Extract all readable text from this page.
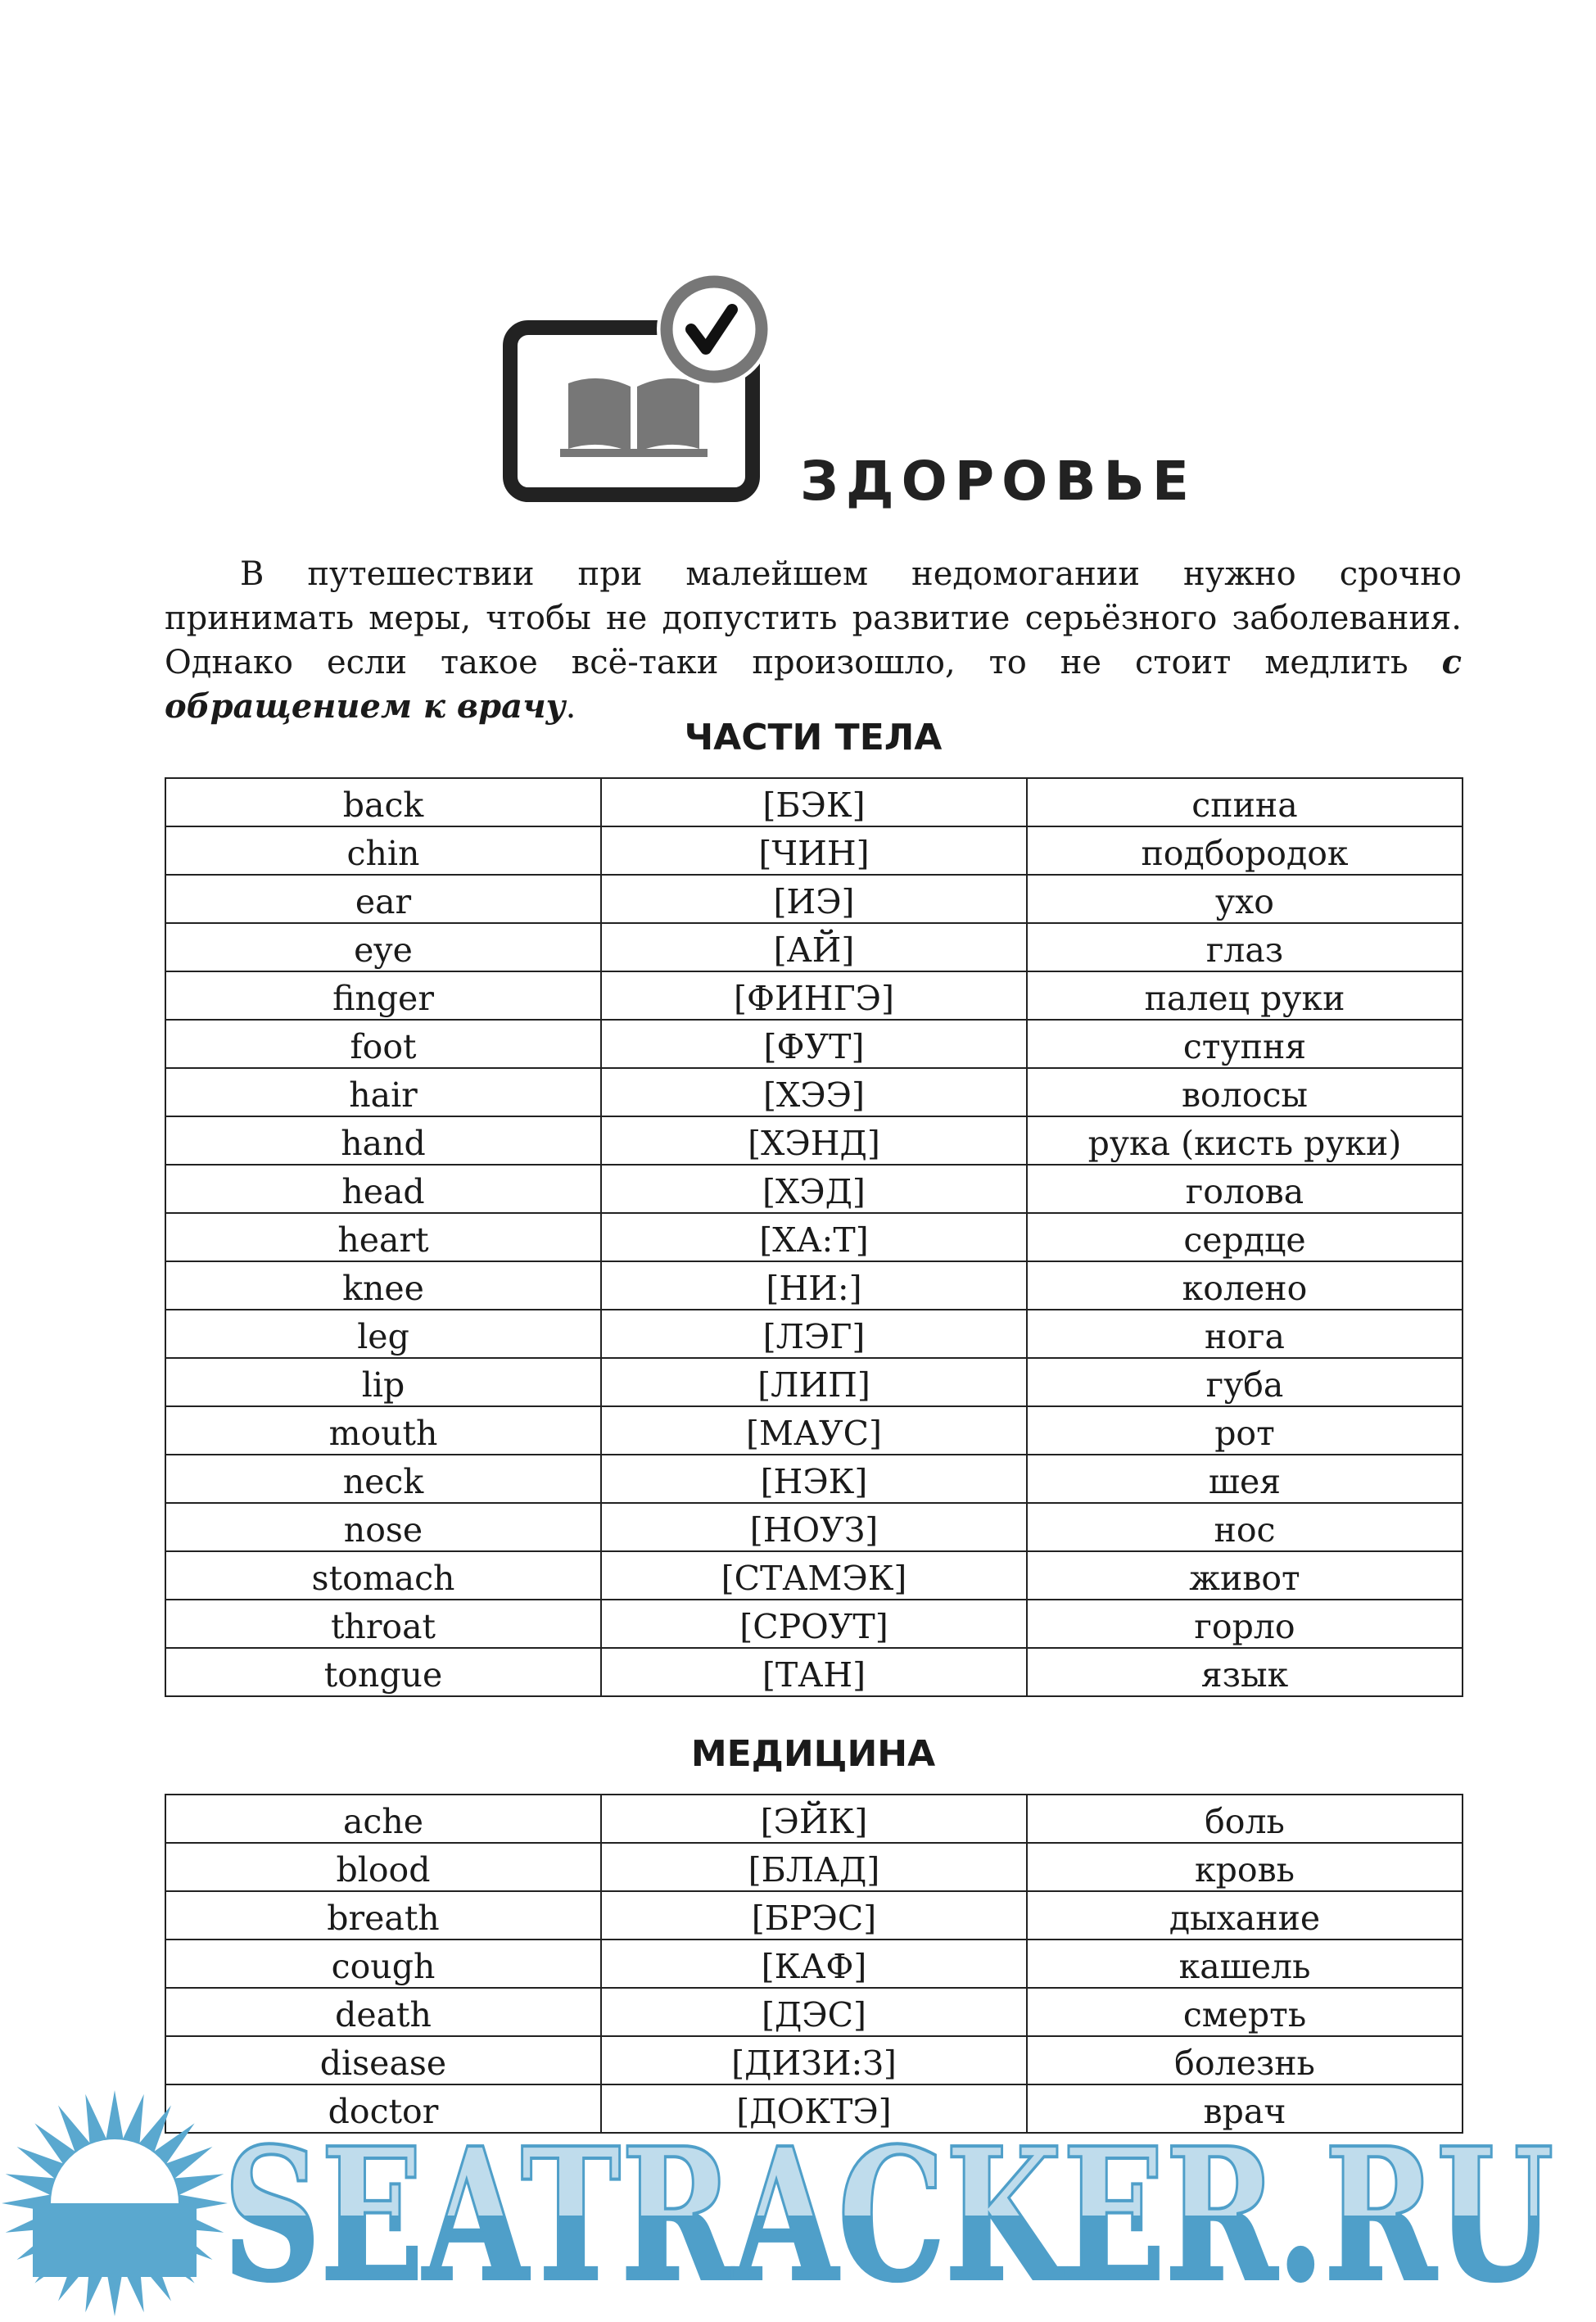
ЗДОРОВЬЕ

В путешествии при малейшем недомогании нужно срочно принимать меры, чтобы не допустить развитие серьёзного заболевания. Однако если такое всё-таки произошло, то не стоит медлить с обращением к врачу.

ЧАСТИ ТЕЛА
back	[БЭК]	спина
chin	[ЧИН]	подбородок
ear	[ИЭ]	ухо
eye	[АЙ]	глаз
finger	[ФИНГЭ]	палец руки
foot	[ФУТ]	ступня
hair	[ХЭЭ]	волосы
hand	[ХЭНД]	рука (кисть руки)
head	[ХЭД]	голова
heart	[ХА:Т]	сердце
knee	[НИ:]	колено
leg	[ЛЭГ]	нога
lip	[ЛИП]	губа
mouth	[МАУС]	рот
neck	[НЭК]	шея
nose	[НОУЗ]	нос
stomach	[СТАМЭК]	живот
throat	[СРОУТ]	горло
tongue	[ТАН]	язык
МЕДИЦИНА
ache	[ЭЙК]	боль
blood	[БЛАД]	кровь
breath	[БРЭС]	дыхание
cough	[КАФ]	кашель
death	[ДЭС]	смерть
disease	[ДИЗИ:З]	болезнь
doctor	[ДОКТЭ]	врач
SEATRACKER.RU
